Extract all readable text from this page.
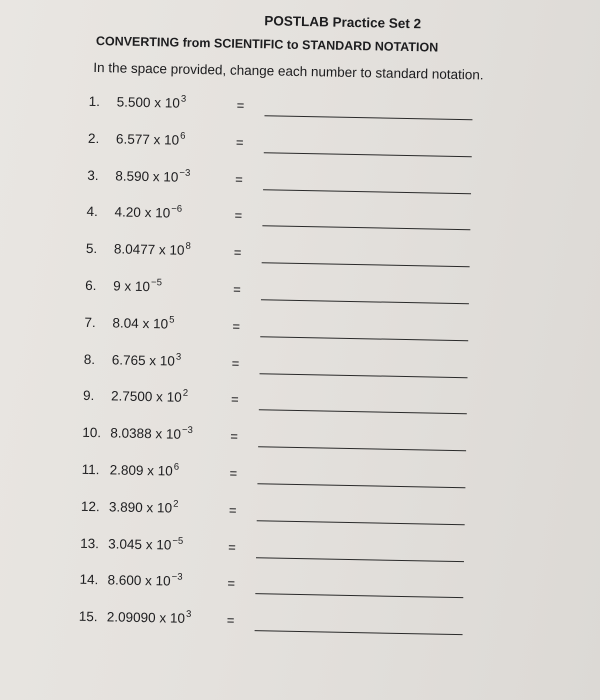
POSTLAB Practice Set 2
CONVERTING from SCIENTIFIC to STANDARD NOTATION
In the space provided, change each number to standard notation.
1. 5.500 x $10^3$	=
2. 6.577 x $10^6$	=
3. 8.590 x $10^{-3}$	=
4. 4.20 x $10^{-6}$	=
5. 8.0477 x $10^8$	=
6. 9 x $10^{-5}$	=
7. 8.04 x $10^5$	=
8. 6.765 x $10^3$	=
9. 2.7500 x $10^2$	=
10. 8.0388 x $10^{-3}$	=
11. 2.809 x $10^6$	=
12. 3.890 x $10^2$	=
13. 3.045 x $10^{-5}$	=
14. 8.600 x $10^{-3}$	=
15. 2.09090 x $10^3$	=
